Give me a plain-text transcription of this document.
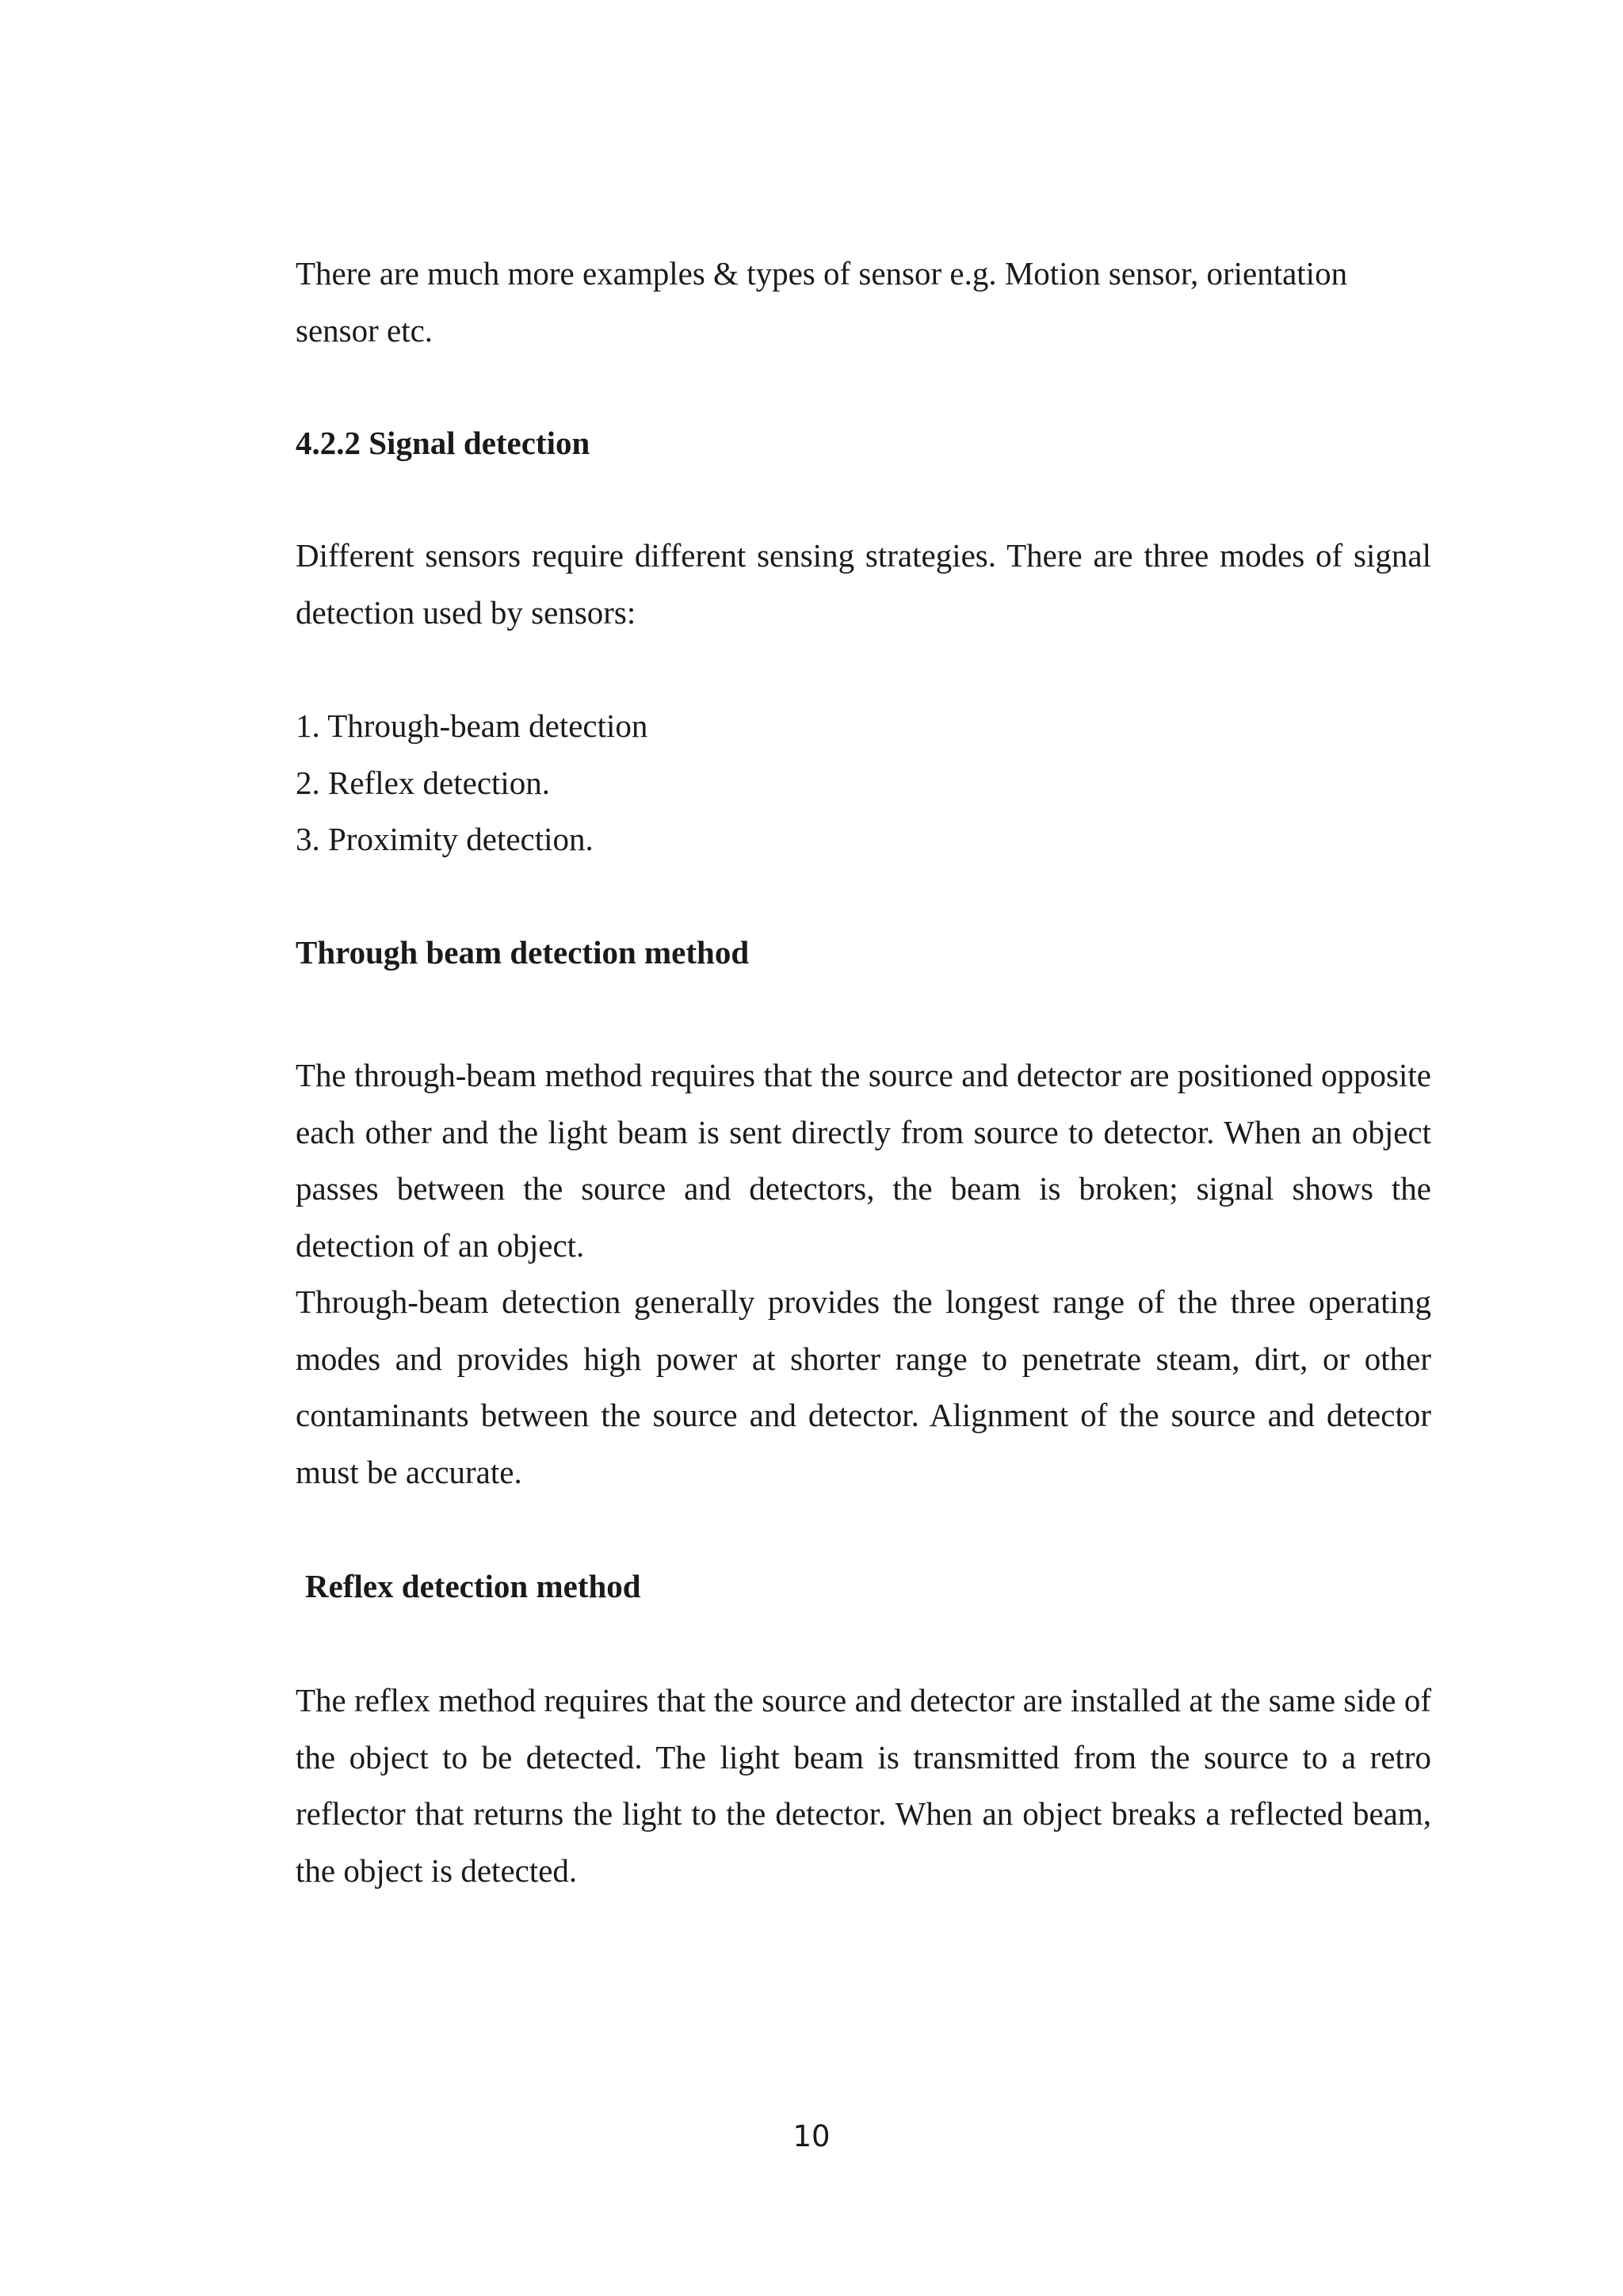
There are much more examples & types of sensor e.g. Motion sensor, orientation sensor etc.

4.2.2 Signal detection

Different sensors require different sensing strategies. There are three modes of signal detection used by sensors:

1. Through-beam detection
2. Reflex detection.
3. Proximity detection.
Through beam detection method

The through-beam method requires that the source and detector are positioned opposite each other and the light beam is sent directly from source to detector. When an object passes between the source and detectors, the beam is broken; signal shows the detection of an object.

Through-beam detection generally provides the longest range of the three operating modes and provides high power at shorter range to penetrate steam, dirt, or other contaminants between the source and detector. Alignment of the source and detector must be accurate.

Reflex detection method

The reflex method requires that the source and detector are installed at the same side of the object to be detected. The light beam is transmitted from the source to a retro reflector that returns the light to the detector. When an object breaks a reflected beam, the object is detected.

10
